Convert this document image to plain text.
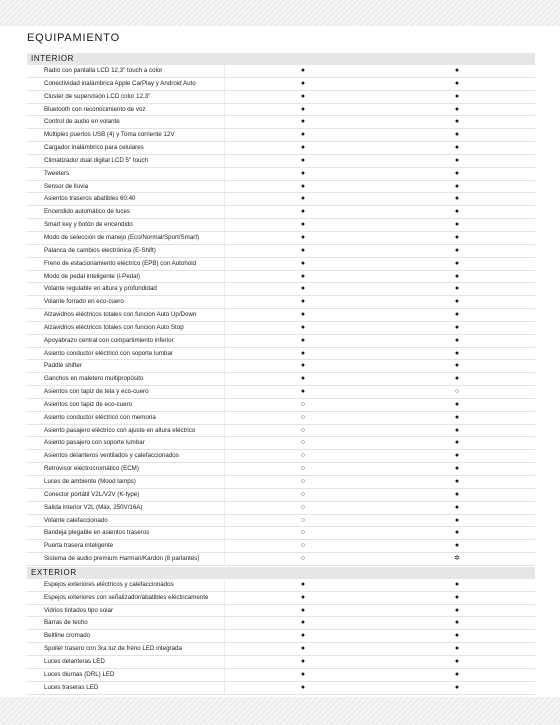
EQUIPAMIENTO
INTERIOR
Radio con pantalla LCD 12,3" touch a color	●	●
Conectividad inalámbrica Apple CarPlay y Android Auto	●	●
Cluster de supervisión LCD color 12,3"	●	●
Bluetooth con reconocimiento de voz	●	●
Control de audio en volante	●	●
Múltiples puertos USB (4) y Toma corriente 12V	●	●
Cargador inalámbrico para celulares	●	●
Climatizador dual digital LCD 5" touch	●	●
Tweeters	●	●
Sensor de lluvia	●	●
Asientos traseros abatibles 60:40	●	●
Encendido automático de luces	●	●
Smart key y botón de encendido	●	●
Modo de selección de manejo (Eco/Normal/Sport/Smart)	●	●
Palanca de cambios electrónica (E-Shift)	●	●
Freno de estacionamiento eléctrico (EPB) con Autohold	●	●
Modo de pedal inteligente (i-Pedal)	●	●
Volante regulable en altura y profundidad	●	●
Volante forrado en eco-cuero	●	●
Alzavidrios eléctricos totales con funcion Auto Up/Down	●	●
Alzavidrios eléctricos totales con funcion Auto Stop	●	●
Apoyabrazo central con compartimiento inferior	●	●
Asiento conductor eléctrico con soporte lumbar	●	●
Paddle shifter	●	●
Ganchos en maletero multipropósito	●	●
Asientos con tapiz de tela y eco-cuero	●	○
Asientos con tapiz de eco-cuero	○	●
Asiento conductor eléctrico con memoria	○	●
Asiento pasajero eléctrico con ajuste en altura eléctrico	○	●
Asiento pasajero con soporte lumbar	○	●
Asientos delanteros ventilados y calefaccionados	○	●
Retrovisor electrocromático (ECM)	○	●
Luces de ambiente (Mood lamps)	○	●
Conector portátil V2L/V2V (K-type)	○	●
Salida interior V2L (Máx. 250V/16A)	○	●
Volante calefaccionado	○	●
Bandeja plegable en asientos traseros	○	●
Puerta trasera inteligente	○	●
Sistema de audio premium Harman/Kardon (8 parlantes)	○	✲
EXTERIOR
Espejos exteriores eléctricos y calefaccionados	●	●
Espejos exteriores con señalizador/abatibles eléctricamente	●	●
Vidrios tintados tipo solar	●	●
Barras de techo	●	●
Beltline cromado	●	●
Spoiler trasero con 3ra luz de freno LED integrada	●	●
Luces delanteras LED	●	●
Luces diurnas (DRL) LED	●	●
Luces traseras LED	●	●
